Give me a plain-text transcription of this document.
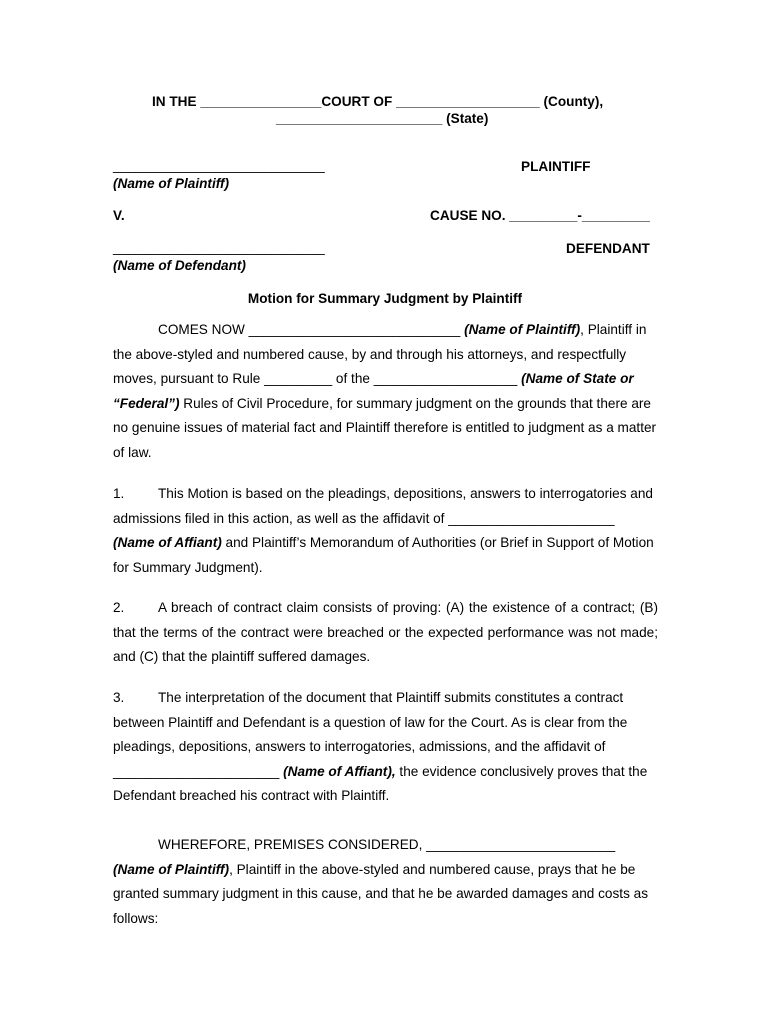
IN THE ________________COURT OF ___________________ (County),
______________________ (State)
____________________________	PLAINTIFF
(Name of Plaintiff)
V.	CAUSE NO. _________-_________
____________________________	DEFENDANT
(Name of Defendant)
Motion for Summary Judgment by Plaintiff
COMES NOW ____________________________ (Name of Plaintiff), Plaintiff in the above-styled and numbered cause, by and through his attorneys, and respectfully moves, pursuant to Rule _________ of the ___________________ (Name of State or “Federal”) Rules of Civil Procedure, for summary judgment on the grounds that there are no genuine issues of material fact and Plaintiff therefore is entitled to judgment as a matter of law.
1. This Motion is based on the pleadings, depositions, answers to interrogatories and admissions filed in this action, as well as the affidavit of ______________________ (Name of Affiant) and Plaintiff’s Memorandum of Authorities (or Brief in Support of Motion for Summary Judgment).
2. A breach of contract claim consists of proving: (A) the existence of a contract; (B) that the terms of the contract were breached or the expected performance was not made; and (C) that the plaintiff suffered damages.
3. The interpretation of the document that Plaintiff submits constitutes a contract between Plaintiff and Defendant is a question of law for the Court. As is clear from the pleadings, depositions, answers to interrogatories, admissions, and the affidavit of ______________________ (Name of Affiant), the evidence conclusively proves that the Defendant breached his contract with Plaintiff.
WHEREFORE, PREMISES CONSIDERED, _________________________ (Name of Plaintiff), Plaintiff in the above-styled and numbered cause, prays that he be granted summary judgment in this cause, and that he be awarded damages and costs as follows:
